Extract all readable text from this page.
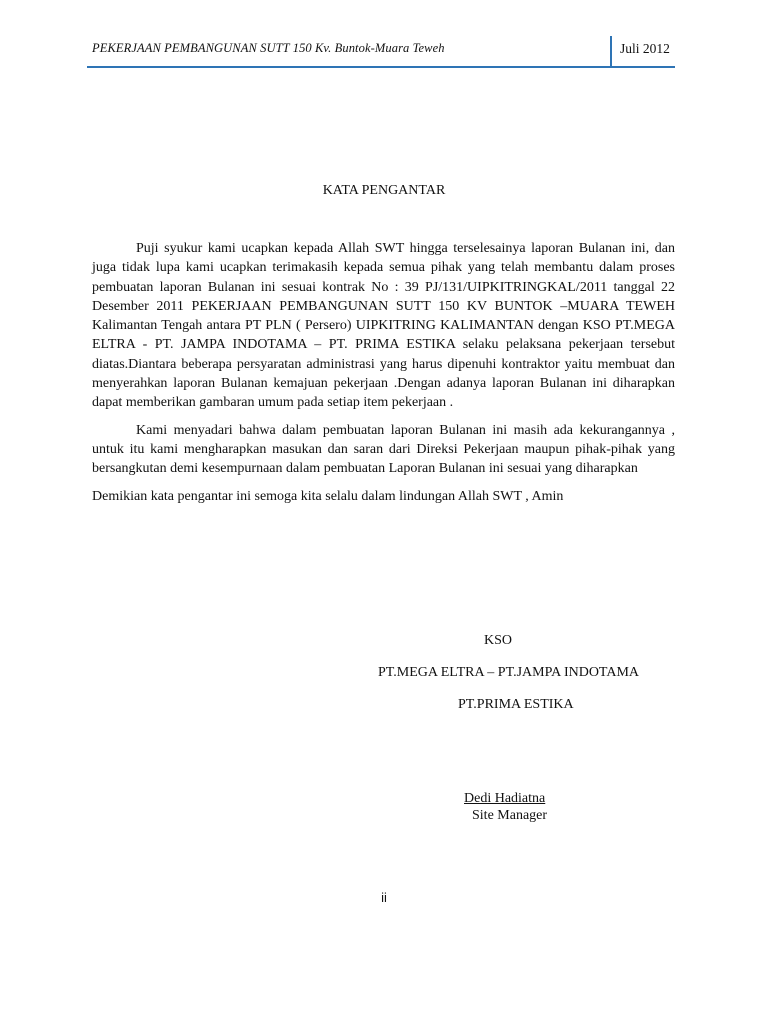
PEKERJAAN PEMBANGUNAN SUTT 150 Kv. Buntok-Muara Teweh	Juli 2012
KATA PENGANTAR

Puji syukur kami ucapkan kepada Allah SWT hingga terselesainya laporan Bulanan ini, dan juga tidak lupa kami ucapkan terimakasih kepada semua pihak yang telah membantu dalam proses pembuatan laporan Bulanan ini sesuai kontrak No : 39 PJ/131/UIPKITRINGKAL/2011 tanggal 22 Desember 2011 PEKERJAAN PEMBANGUNAN SUTT 150 KV BUNTOK –MUARA TEWEH Kalimantan Tengah antara PT PLN ( Persero) UIPKITRING KALIMANTAN dengan KSO PT.MEGA ELTRA - PT. JAMPA INDOTAMA – PT. PRIMA ESTIKA selaku pelaksana pekerjaan tersebut diatas.Diantara beberapa persyaratan administrasi yang harus dipenuhi kontraktor yaitu membuat dan menyerahkan laporan Bulanan kemajuan pekerjaan .Dengan adanya laporan Bulanan ini diharapkan dapat memberikan gambaran umum pada setiap item pekerjaan .

Kami menyadari bahwa dalam pembuatan laporan Bulanan ini masih ada kekurangannya , untuk itu kami mengharapkan masukan dan saran dari Direksi Pekerjaan maupun pihak-pihak yang bersangkutan demi kesempurnaan dalam pembuatan Laporan Bulanan ini sesuai yang diharapkan

Demikian kata pengantar ini semoga kita selalu dalam lindungan Allah SWT , Amin

KSO
PT.MEGA ELTRA – PT.JAMPA INDOTAMA
PT.PRIMA ESTIKA
Dedi Hadiatna
Site Manager
ii
